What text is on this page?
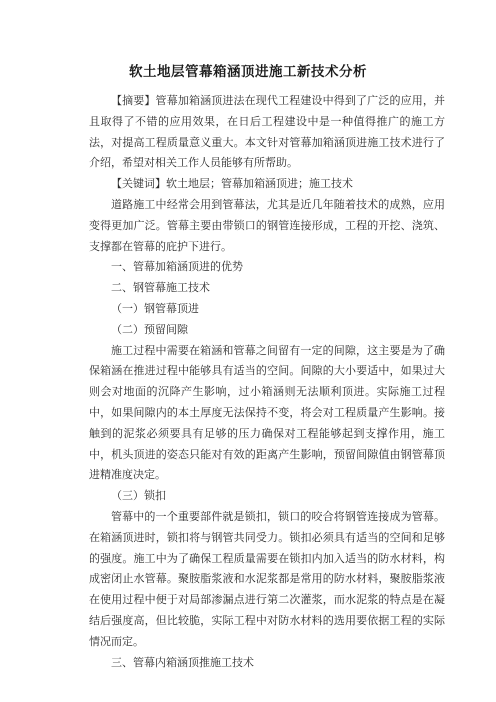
软土地层管幕箱涵顶进施工新技术分析

【摘要】管幕加箱涵顶进法在现代工程建设中得到了广泛的应用，并且取得了不错的应用效果，在日后工程建设中是一种值得推广的施工方法，对提高工程质量意义重大。本文针对管幕加箱涵顶进施工技术进行了介绍，希望对相关工作人员能够有所帮助。

【关键词】软土地层；管幕加箱涵顶进；施工技术

道路施工中经常会用到管幕法，尤其是近几年随着技术的成熟，应用变得更加广泛。管幕主要由带锁口的钢管连接形成，工程的开挖、浇筑、支撑都在管幕的庇护下进行。

一、管幕加箱涵顶进的优势

二、钢管幕施工技术

（一）钢管幕顶进

（二）预留间隙

施工过程中需要在箱涵和管幕之间留有一定的间隙，这主要是为了确保箱涵在推进过程中能够具有适当的空间。间隙的大小要适中，如果过大则会对地面的沉降产生影响，过小箱涵则无法顺利顶进。实际施工过程中，如果间隙内的本土厚度无法保持不变，将会对工程质量产生影响。接触到的泥浆必须要具有足够的压力确保对工程能够起到支撑作用，施工中，机头顶进的姿态只能对有效的距离产生影响，预留间隙值由钢管幕顶进精准度决定。

（三）锁扣

管幕中的一个重要部件就是锁扣，锁口的咬合将钢管连接成为管幕。在箱涵顶进时，锁扣将与钢管共同受力。锁扣必须具有适当的空间和足够的强度。施工中为了确保工程质量需要在锁扣内加入适当的防水材料，构成密闭止水管幕。聚胺脂浆液和水泥浆都是常用的防水材料，聚胺脂浆液在使用过程中便于对局部渗漏点进行第二次灌浆，而水泥浆的特点是在凝结后强度高，但比较脆，实际工程中对防水材料的选用要依据工程的实际情况而定。

三、管幕内箱涵顶推施工技术
